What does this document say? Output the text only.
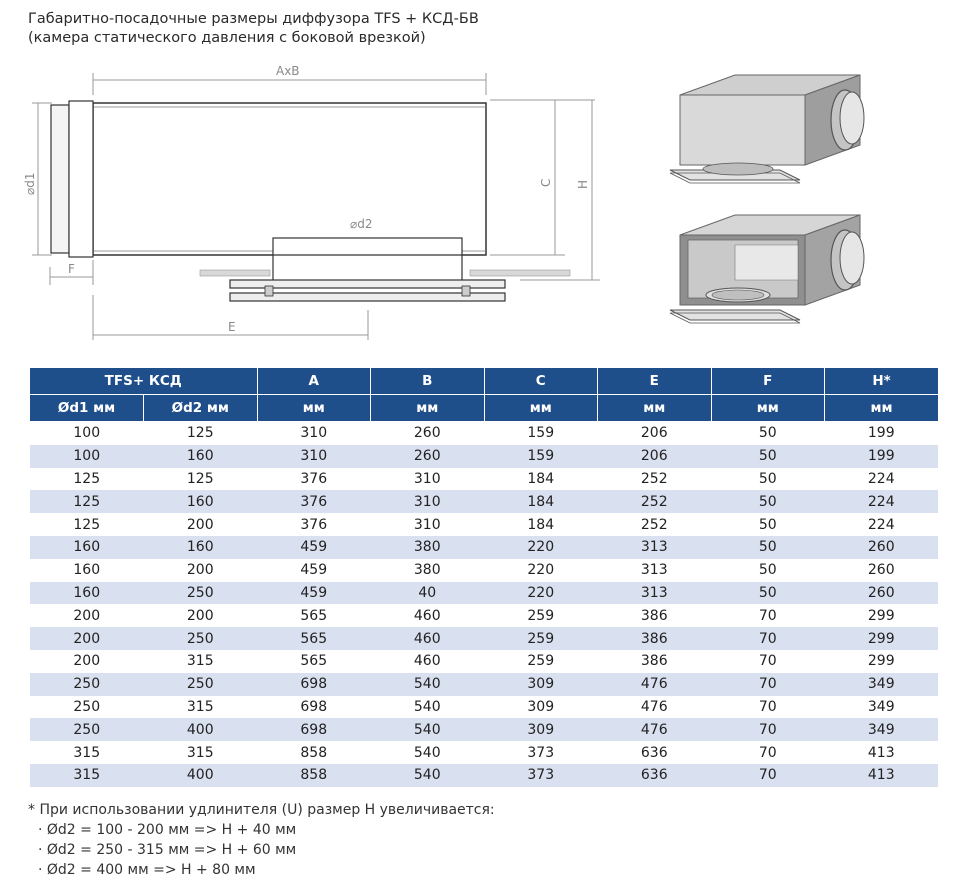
Габаритно-посадочные размеры диффузора TFS + КСД-БВ
(камера статического давления с боковой врезкой)
AxB
⌀d1
⌀d2
C H
F
E
TFS+ КСД		A	B	C	E	F	H*
Ød1 мм	Ød2 мм	мм	мм	мм	мм	мм	мм
100	125	310	260	159	206	50	199
100	160	310	260	159	206	50	199
125	125	376	310	184	252	50	224
125	160	376	310	184	252	50	224
125	200	376	310	184	252	50	224
160	160	459	380	220	313	50	260
160	200	459	380	220	313	50	260
160	250	459	40	220	313	50	260
200	200	565	460	259	386	70	299
200	250	565	460	259	386	70	299
200	315	565	460	259	386	70	299
250	250	698	540	309	476	70	349
250	315	698	540	309	476	70	349
250	400	698	540	309	476	70	349
315	315	858	540	373	636	70	413
315	400	858	540	373	636	70	413
* При использовании удлинителя (U) размер H увеличивается:
· Ød2 = 100 - 200 мм => H + 40 мм
· Ød2 = 250 - 315 мм => H + 60 мм
· Ød2 = 400 мм => H + 80 мм
